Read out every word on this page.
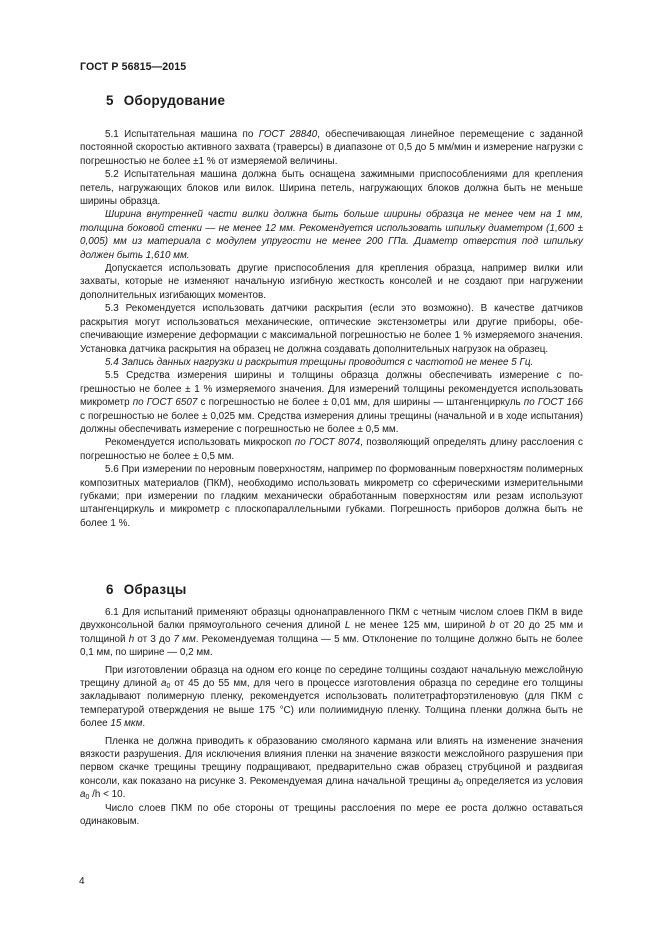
ГОСТ Р 56815—2015
5 Оборудование

5.1 Испытательная машина по ГОСТ 28840, обеспечивающая линейное перемещение с заданной постоянной скоростью активного захвата (траверсы) в диапазоне от 0,5 до 5 мм/мин и измерение нагрузки с погрешностью не более ±1 % от измеряемой величины.

5.2 Испытательная машина должна быть оснащена зажимными приспособлениями для крепления петель, нагружающих блоков или вилок. Ширина петель, нагружающих блоков должна быть не меньше ширины образца.

Ширина внутренней части вилки должна быть больше ширины образца не менее чем на 1 мм, толщина боковой стенки — не менее 12 мм. Рекомендуется использовать шпильку диаметром (1,600 ± 0,005) мм из материала с модулем упругости не менее 200 ГПа. Диаметр отверстия под шпильку должен быть 1,610 мм.

Допускается использовать другие приспособления для крепления образца, например вилки или захваты, которые не изменяют начальную изгибную жесткость консолей и не создают при нагружении дополнительных изгибающих моментов.

5.3 Рекомендуется использовать датчики раскрытия (если это возможно). В качестве датчиков раскрытия могут использоваться механические, оптические экстензометры или другие приборы, обеспечивающие измерение деформации с максимальной погрешностью не более 1 % измеряемого значения. Установка датчика раскрытия на образец не должна создавать дополнительных нагрузок на образец.

5.4 Запись данных нагрузки и раскрытия трещины проводится с частотой не менее 5 Гц.

5.5 Средства измерения ширины и толщины образца должны обеспечивать измерение с погрешностью не более ± 1 % измеряемого значения. Для измерений толщины рекомендуется использовать микрометр по ГОСТ 6507 с погрешностью не более ± 0,01 мм, для ширины — штангенциркуль по ГОСТ 166 с погрешностью не более ± 0,025 мм. Средства измерения длины трещины (начальной и в ходе испытания) должны обеспечивать измерение с погрешностью не более ± 0,5 мм.

Рекомендуется использовать микроскоп по ГОСТ 8074, позволяющий определять длину расслоения с погрешностью не более ± 0,5 мм.

5.6 При измерении по неровным поверхностям, например по формованным поверхностям полимерных композитных материалов (ПКМ), необходимо использовать микрометр со сферическими измерительными губками; при измерении по гладким механически обработанным поверхностям или резам используют штангенциркуль и микрометр с плоскопараллельными губками. Погрешность приборов должна быть не более 1 %.

6 Образцы

6.1 Для испытаний применяют образцы однонаправленного ПКМ с четным числом слоев ПКМ в виде двухконсольной балки прямоугольного сечения длиной L не менее 125 мм, шириной b от 20 до 25 мм и толщиной h от 3 до 7 мм. Рекомендуемая толщина — 5 мм. Отклонение по толщине должно быть не более 0,1 мм, по ширине — 0,2 мм.

При изготовлении образца на одном его конце по середине толщины создают начальную межслойную трещину длиной $a_0$ от 45 до 55 мм, для чего в процессе изготовления образца по середине его толщины закладывают полимерную пленку, рекомендуется использовать политетрафторэтиленовую (для ПКМ с температурой отверждения не выше 175 °С) или полиимидную пленку. Толщина пленки должна быть не более 15 мкм.

Пленка не должна приводить к образованию смоляного кармана или влиять на изменение значения вязкости разрушения. Для исключения влияния пленки на значение вязкости межслойного разрушения при первом скачке трещины трещину подращивают, предварительно сжав образец струбциной и раздвигая консоли, как показано на рисунке 3. Рекомендуемая длина начальной трещины $a_0$ определяется из условия $a_0$ /h < 10.

Число слоев ПКМ по обе стороны от трещины расслоения по мере ее роста должно оставаться одинаковым.

4
